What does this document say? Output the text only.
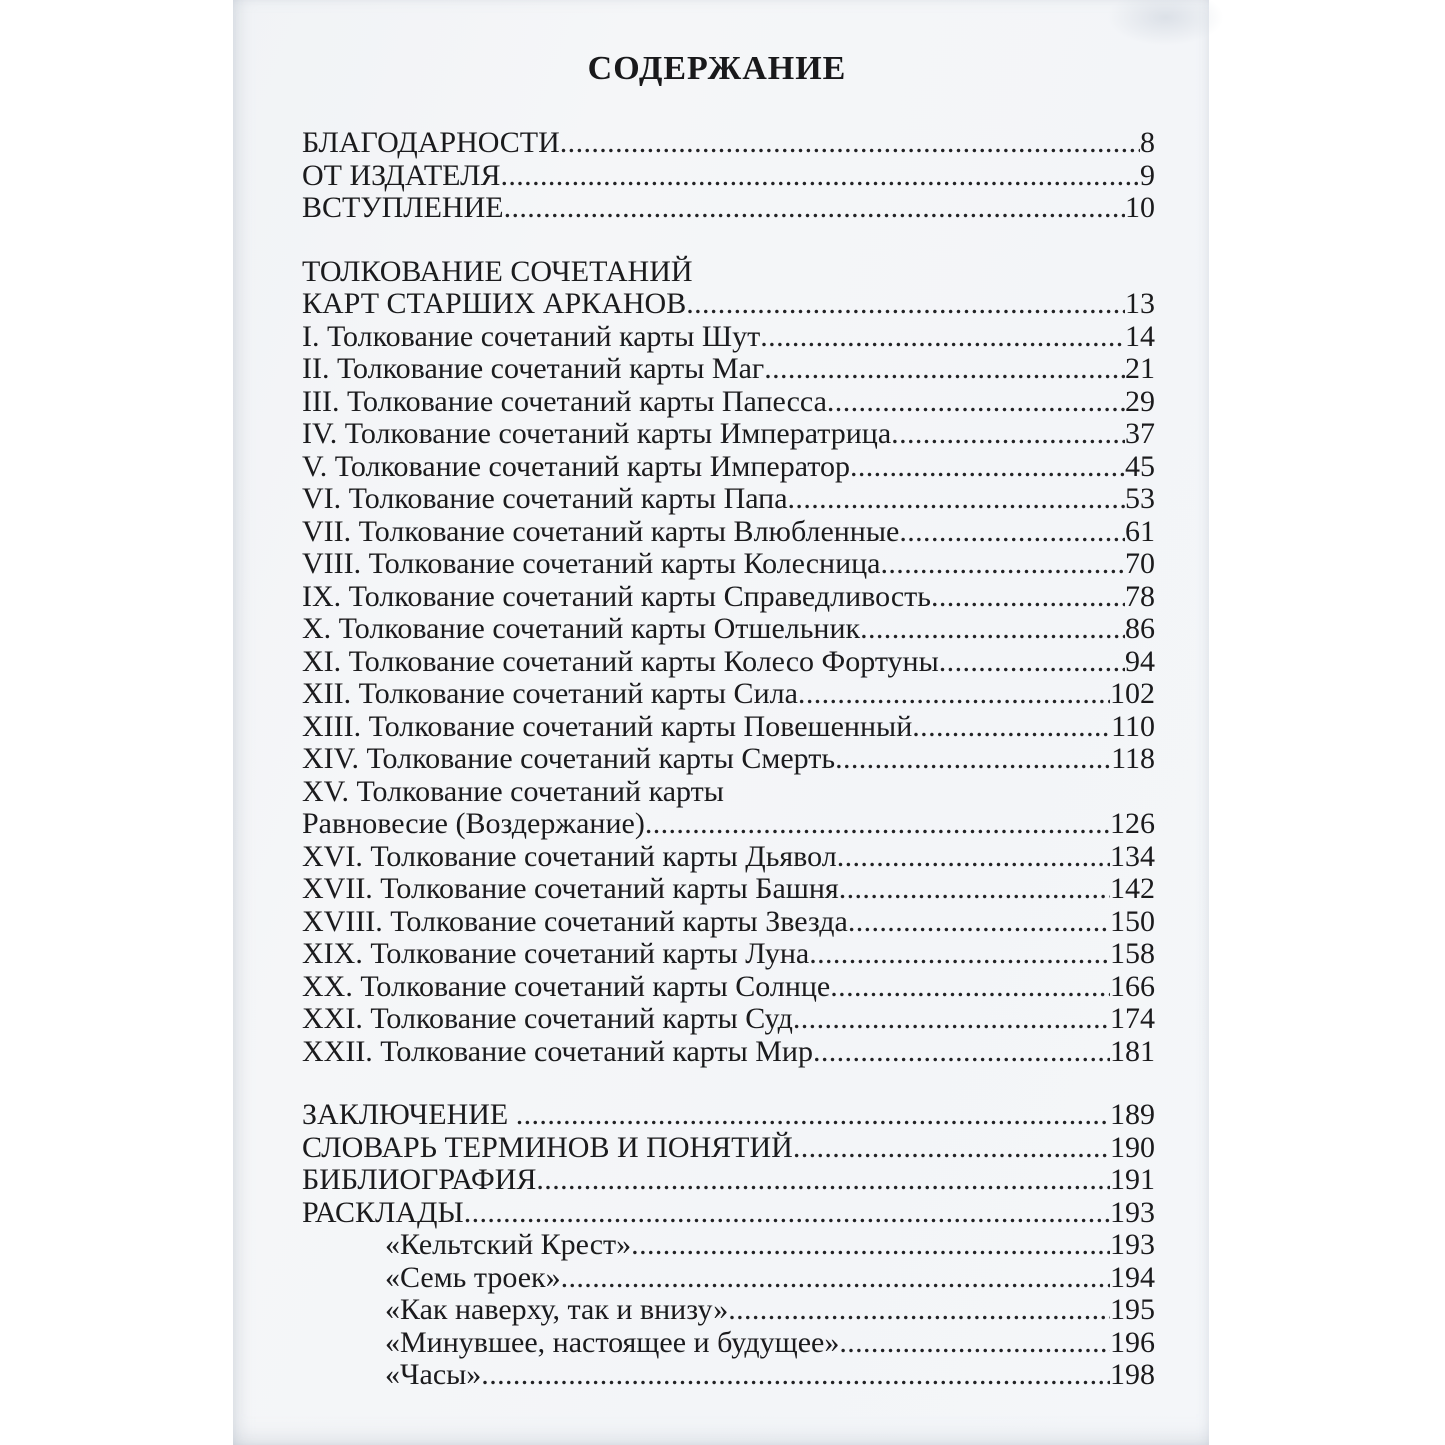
СОДЕРЖАНИЕ
БЛАГОДАРНОСТИ .....	8
ОТ ИЗДАТЕЛЯ .....	9
ВСТУПЛЕНИЕ .....	10
ТОЛКОВАНИЕ СОЧЕТАНИЙ
КАРТ СТАРШИХ АРКАНОВ .....	13
I. Толкование сочетаний карты Шут .....	14
II. Толкование сочетаний карты Маг .....	21
III. Толкование сочетаний карты Папесса .....	29
IV. Толкование сочетаний карты Императрица .....	37
V. Толкование сочетаний карты Император .....	45
VI. Толкование сочетаний карты Папа .....	53
VII. Толкование сочетаний карты Влюбленные .....	61
VIII. Толкование сочетаний карты Колесница .....	70
IX. Толкование сочетаний карты Справедливость .....	78
X. Толкование сочетаний карты Отшельник .....	86
XI. Толкование сочетаний карты Колесо Фортуны .....	94
XII. Толкование сочетаний карты Сила .....	102
XIII. Толкование сочетаний карты Повешенный .....	110
XIV. Толкование сочетаний карты Смерть .....	118
XV. Толкование сочетаний карты
Равновесие (Воздержание) .....	126
XVI. Толкование сочетаний карты Дьявол .....	134
XVII. Толкование сочетаний карты Башня .....	142
XVIII. Толкование сочетаний карты Звезда .....	150
XIX. Толкование сочетаний карты Луна .....	158
XX. Толкование сочетаний карты Солнце .....	166
XXI. Толкование сочетаний карты Суд .....	174
XXII. Толкование сочетаний карты Мир .....	181
ЗАКЛЮЧЕНИЕ .....	189
СЛОВАРЬ ТЕРМИНОВ И ПОНЯТИЙ .....	190
БИБЛИОГРАФИЯ .....	191
РАСКЛАДЫ .....	193
«Кельтский Крест» .....	193
«Семь троек» .....	194
«Как наверху, так и внизу» .....	195
«Минувшее, настоящее и будущее» .....	196
«Часы» .....	198
